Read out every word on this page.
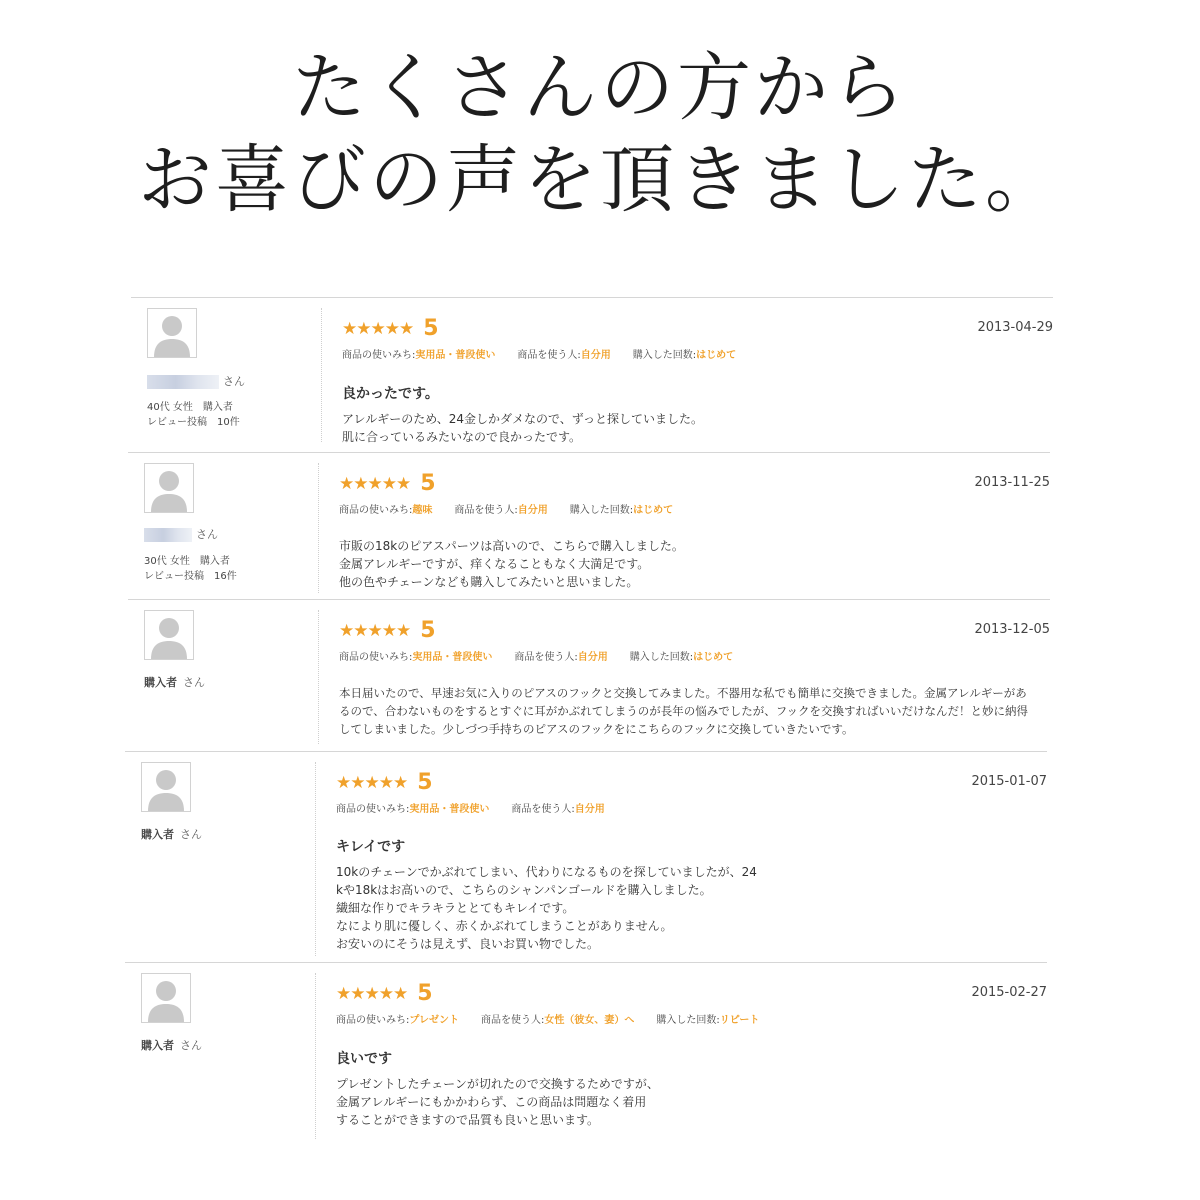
たくさんの方から
お喜びの声を頂きました。
さん
40代 女性　購入者
レビュー投稿　10件
★★★★★ 5	2013-04-29
商品の使いみち:実用品・普段使い 商品を使う人:自分用 購入した回数:はじめて
良かったです。
アレルギーのため、24金しかダメなので、ずっと探していました。
肌に合っているみたいなので良かったです。
さん
30代 女性　購入者
レビュー投稿　16件
★★★★★ 5	2013-11-25
商品の使いみち:趣味 商品を使う人:自分用 購入した回数:はじめて
市販の18kのピアスパーツは高いので、こちらで購入しました。
金属アレルギーですが、痒くなることもなく大満足です。
他の色やチェーンなども購入してみたいと思いました。
購入者 さん
★★★★★ 5	2013-12-05
商品の使いみち:実用品・普段使い 商品を使う人:自分用 購入した回数:はじめて
本日届いたので、早速お気に入りのピアスのフックと交換してみました。不器用な私でも簡単に交換できました。金属アレルギーがあ
るので、合わないものをするとすぐに耳がかぶれてしまうのが長年の悩みでしたが、フックを交換すればいいだけなんだ！と妙に納得
してしまいました。少しづつ手持ちのピアスのフックをにこちらのフックに交換していきたいです。
購入者 さん
★★★★★ 5	2015-01-07
商品の使いみち:実用品・普段使い 商品を使う人:自分用
キレイです
10kのチェーンでかぶれてしまい、代わりになるものを探していましたが、24
kや18kはお高いので、こちらのシャンパンゴールドを購入しました。
繊細な作りでキラキラととてもキレイです。
なにより肌に優しく、赤くかぶれてしまうことがありません。
お安いのにそうは見えず、良いお買い物でした。
購入者 さん
★★★★★ 5	2015-02-27
商品の使いみち:プレゼント 商品を使う人:女性（彼女、妻）へ 購入した回数:リピート
良いです
プレゼントしたチェーンが切れたので交換するためですが、
金属アレルギーにもかかわらず、この商品は問題なく着用
することができますので品質も良いと思います。
